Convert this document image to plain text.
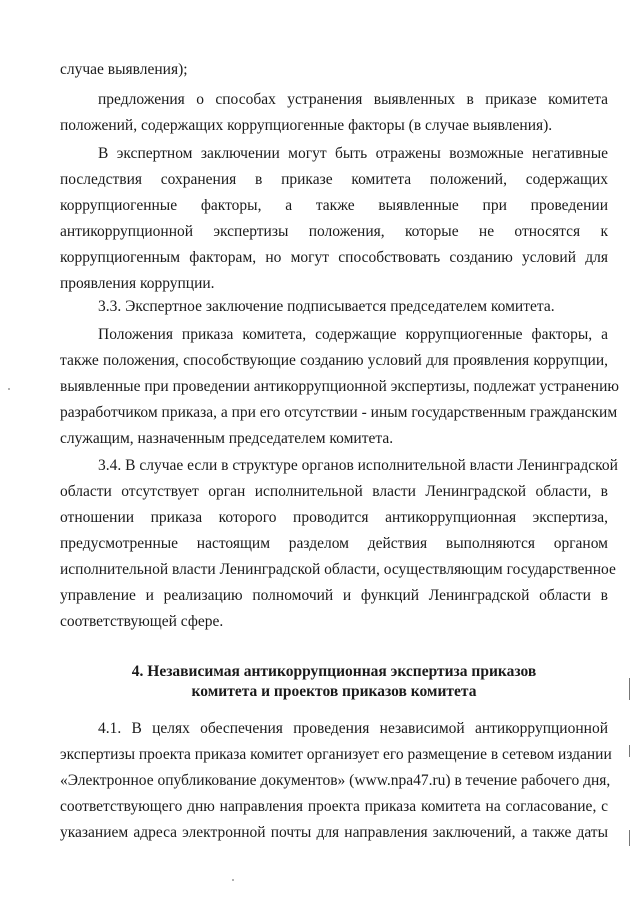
случае выявления);
предложения о способах устранения выявленных в приказе комитета
положений, содержащих коррупциогенные факторы (в случае выявления).
В экспертном заключении могут быть отражены возможные негативные
последствия сохранения в приказе комитета положений, содержащих
коррупциогенные факторы, а также выявленные при проведении
антикоррупционной экспертизы положения, которые не относятся к
коррупциогенным факторам, но могут способствовать созданию условий для
проявления коррупции.
3.3. Экспертное заключение подписывается председателем комитета.
Положения приказа комитета, содержащие коррупциогенные факторы, а
также положения, способствующие созданию условий для проявления коррупции,
выявленные при проведении антикоррупционной экспертизы, подлежат устранению
разработчиком приказа, а при его отсутствии - иным государственным гражданским
служащим, назначенным председателем комитета.
3.4. В случае если в структуре органов исполнительной власти Ленинградской
области отсутствует орган исполнительной власти Ленинградской области, в
отношении приказа которого проводится антикоррупционная экспертиза,
предусмотренные настоящим разделом действия выполняются органом
исполнительной власти Ленинградской области, осуществляющим государственное
управление и реализацию полномочий и функций Ленинградской области в
соответствующей сфере.
4. Независимая антикоррупционная экспертиза приказов
комитета и проектов приказов комитета
4.1. В целях обеспечения проведения независимой антикоррупционной
экспертизы проекта приказа комитет организует его размещение в сетевом издании
«Электронное опубликование документов» (www.npa47.ru) в течение рабочего дня,
соответствующего дню направления проекта приказа комитета на согласование, с
указанием адреса электронной почты для направления заключений, а также даты
